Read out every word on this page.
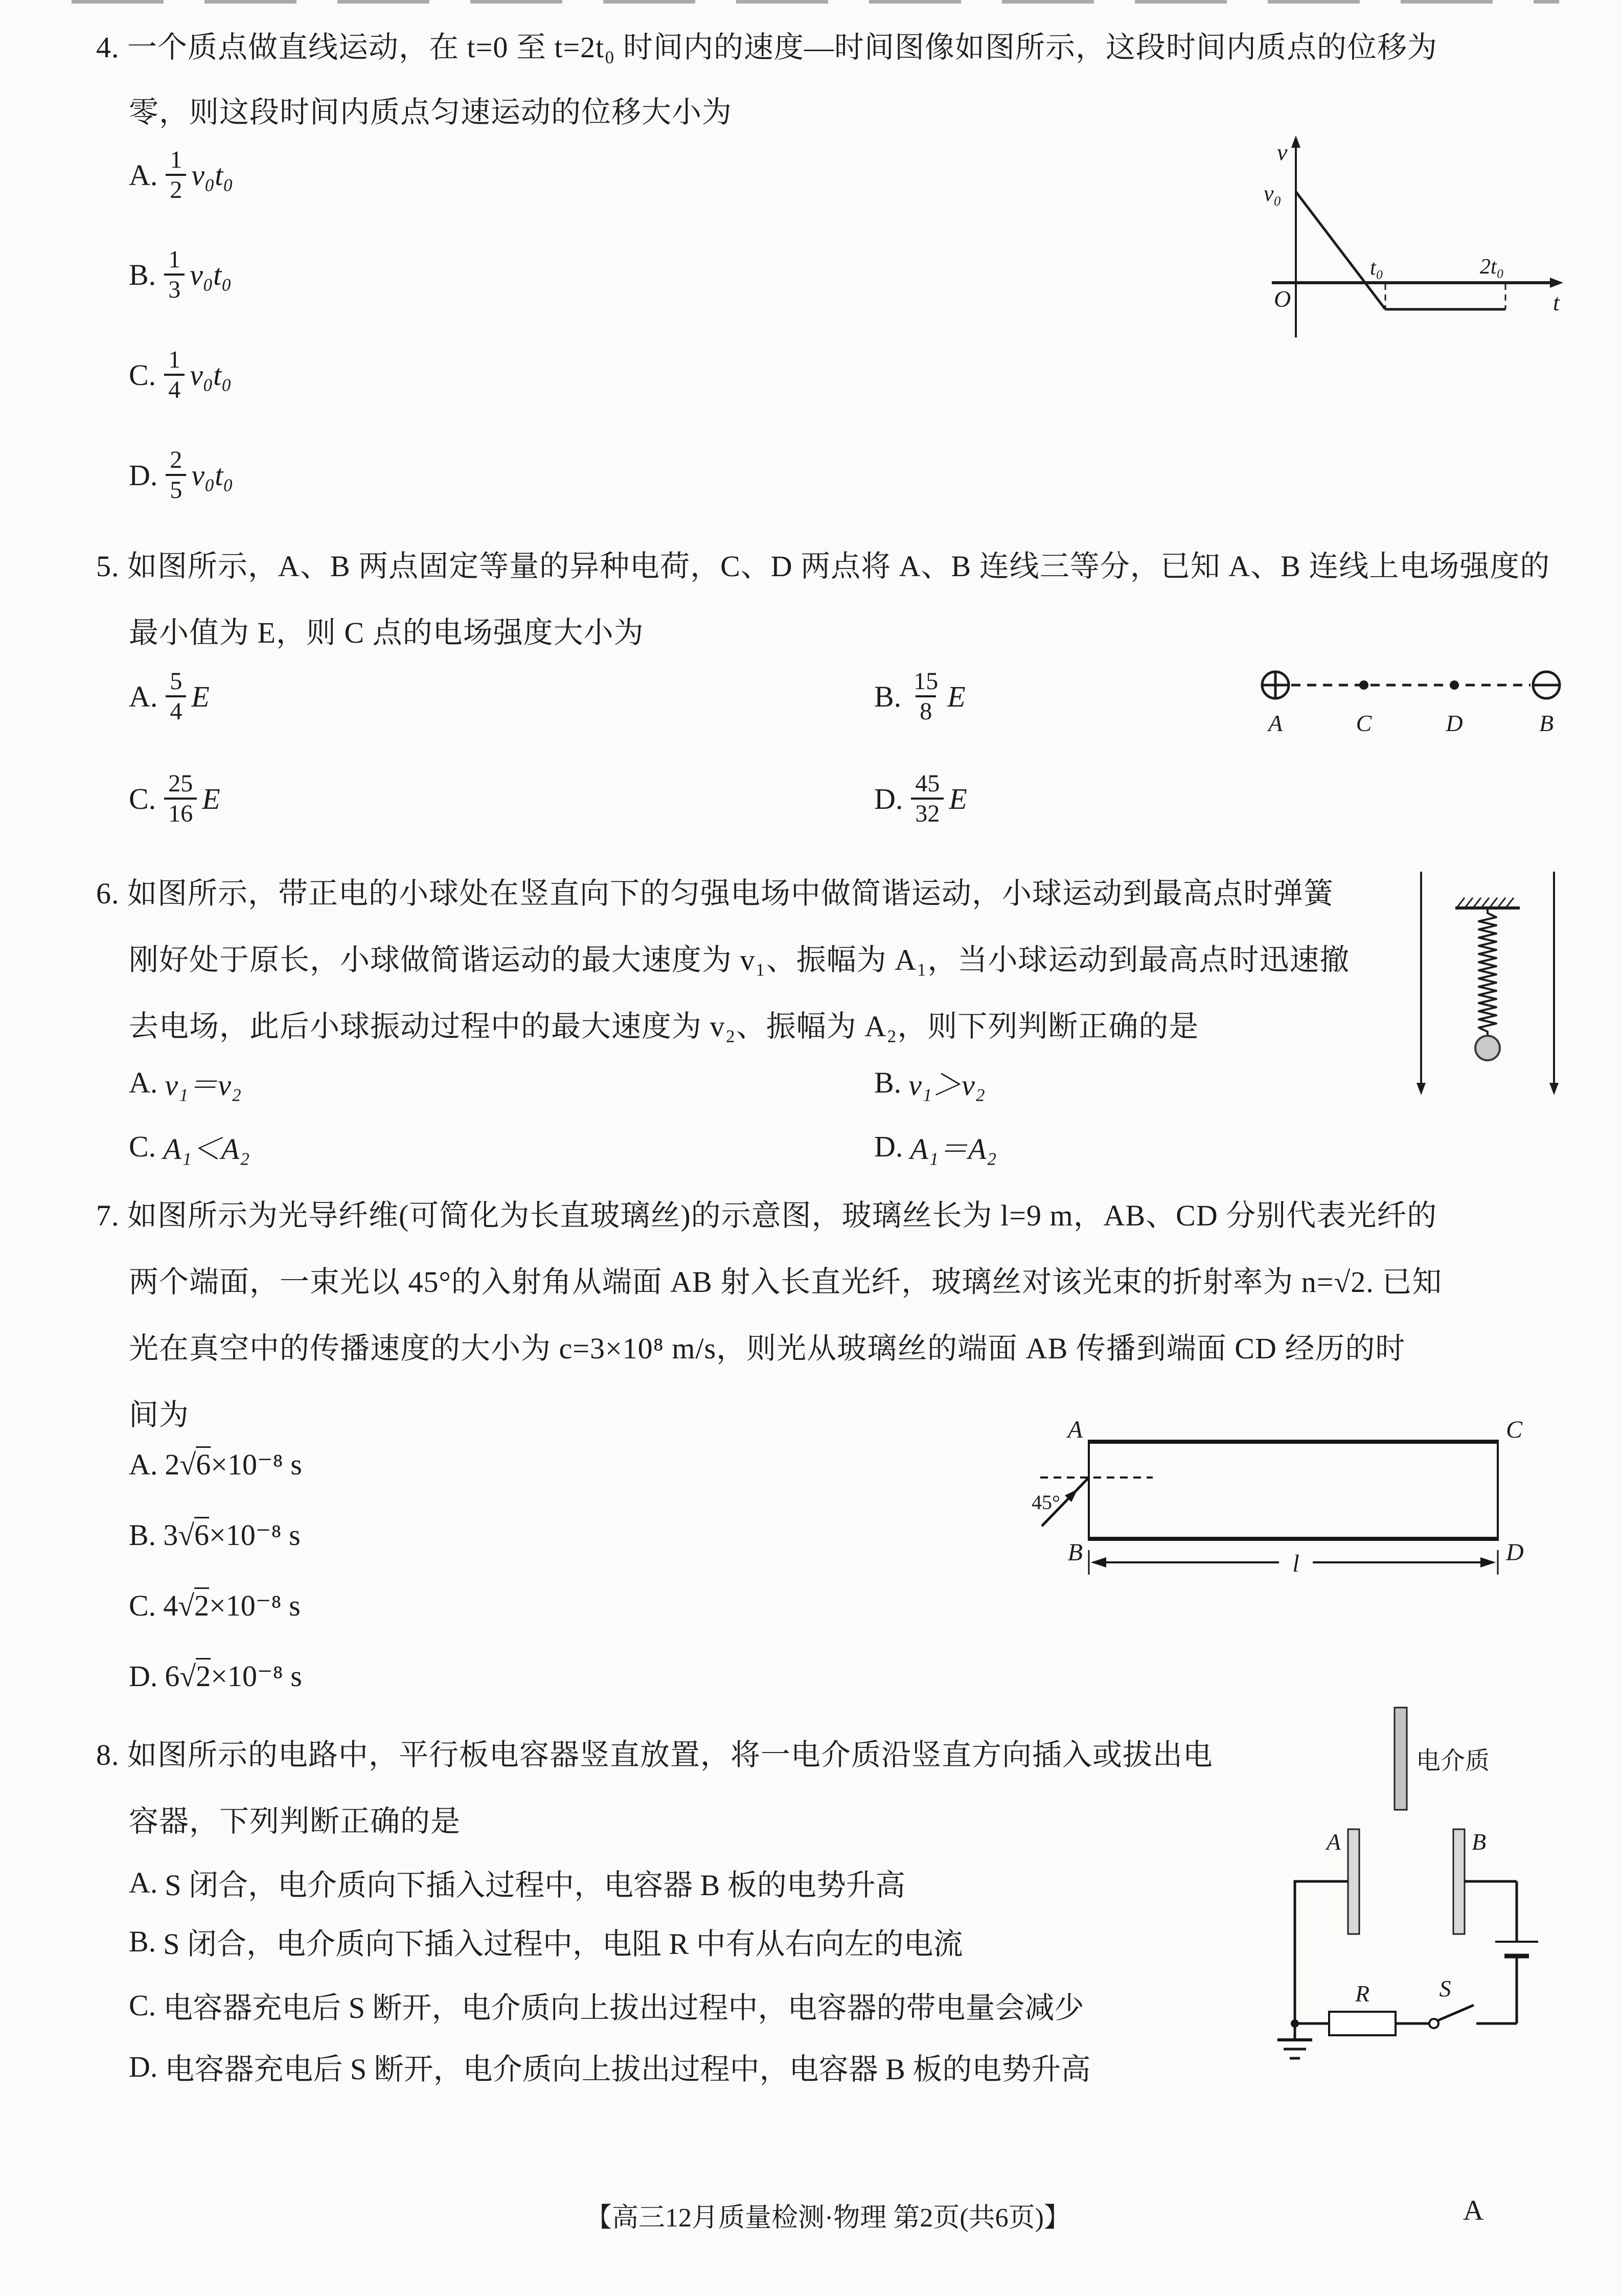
4. 一个质点做直线运动，在 t=0 至 t=2t₀ 时间内的速度—时间图像如图所示，这段时间内质点的位移为
零，则这段时间内质点匀速运动的位移大小为
A. $\frac{1}{2} v_0t_0$
B. $\frac{1}{3} v_0t_0$
C. $\frac{1}{4} v_0t_0$
D. $\frac{2}{5} v_0t_0$
v
v₀
O
t₀	2t₀
t
5. 如图所示，A、B 两点固定等量的异种电荷，C、D 两点将 A、B 连线三等分，已知 A、B 连线上电场强度的
最小值为 E，则 C 点的电场强度大小为
A. $\frac{5}{4}$ E	B. $\frac{15}{8}$ E
C. $\frac{25}{16}$ E	D. $\frac{45}{32}$ E
A	C	D	B
6. 如图所示，带正电的小球处在竖直向下的匀强电场中做简谐运动，小球运动到最高点时弹簧
刚好处于原长，小球做简谐运动的最大速度为 v₁、振幅为 A₁，当小球运动到最高点时迅速撤
去电场，此后小球振动过程中的最大速度为 v₂、振幅为 A₂，则下列判断正确的是
A. v₁＝v₂	B. v₁＞v₂
C. A₁＜A₂	D. A₁＝A₂
7. 如图所示为光导纤维(可简化为长直玻璃丝)的示意图，玻璃丝长为 l=9 m，AB、CD 分别代表光纤的
两个端面，一束光以 45°的入射角从端面 AB 射入长直光纤，玻璃丝对该光束的折射率为 n=√2. 已知
光在真空中的传播速度的大小为 c=3×10⁸ m/s，则光从玻璃丝的端面 AB 传播到端面 CD 经历的时
间为
A. 2√6×10⁻⁸ s
B. 3√6×10⁻⁸ s
C. 4√2×10⁻⁸ s
D. 6√2×10⁻⁸ s
45°
A	C
B	D
l
8. 如图所示的电路中，平行板电容器竖直放置，将一电介质沿竖直方向插入或拔出电
容器，下列判断正确的是
A. S 闭合，电介质向下插入过程中，电容器 B 板的电势升高
B. S 闭合，电介质向下插入过程中，电阻 R 中有从右向左的电流
C. 电容器充电后 S 断开，电介质向上拔出过程中，电容器的带电量会减少
D. 电容器充电后 S 断开，电介质向上拔出过程中，电容器 B 板的电势升高
电介质
A	B
R	S
【高三12月质量检测·物理 第2页(共6页)】	A
